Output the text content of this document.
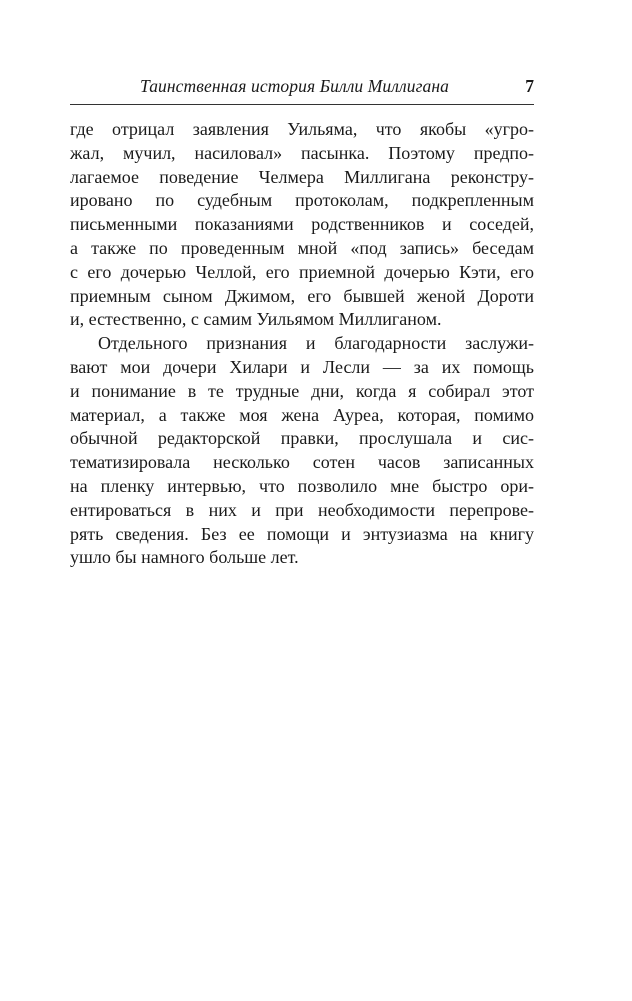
Таинственная история Билли Миллигана	7
где отрицал заявления Уильяма, что якобы «угро-
жал, мучил, насиловал» пасынка. Поэтому предпо-
лагаемое поведение Челмера Миллигана реконстру-
ировано по судебным протоколам, подкрепленным
письменными показаниями родственников и соседей,
а также по проведенным мной «под запись» беседам
с его дочерью Челлой, его приемной дочерью Кэти, его
приемным сыном Джимом, его бывшей женой Дороти
и, естественно, с самим Уильямом Миллиганом.
Отдельного признания и благодарности заслужи-
вают мои дочери Хилари и Лесли — за их помощь
и понимание в те трудные дни, когда я собирал этот
материал, а также моя жена Ауреа, которая, помимо
обычной редакторской правки, прослушала и сис-
тематизировала несколько сотен часов записанных
на пленку интервью, что позволило мне быстро ори-
ентироваться в них и при необходимости перепрове-
рять сведения. Без ее помощи и энтузиазма на книгу
ушло бы намного больше лет.
